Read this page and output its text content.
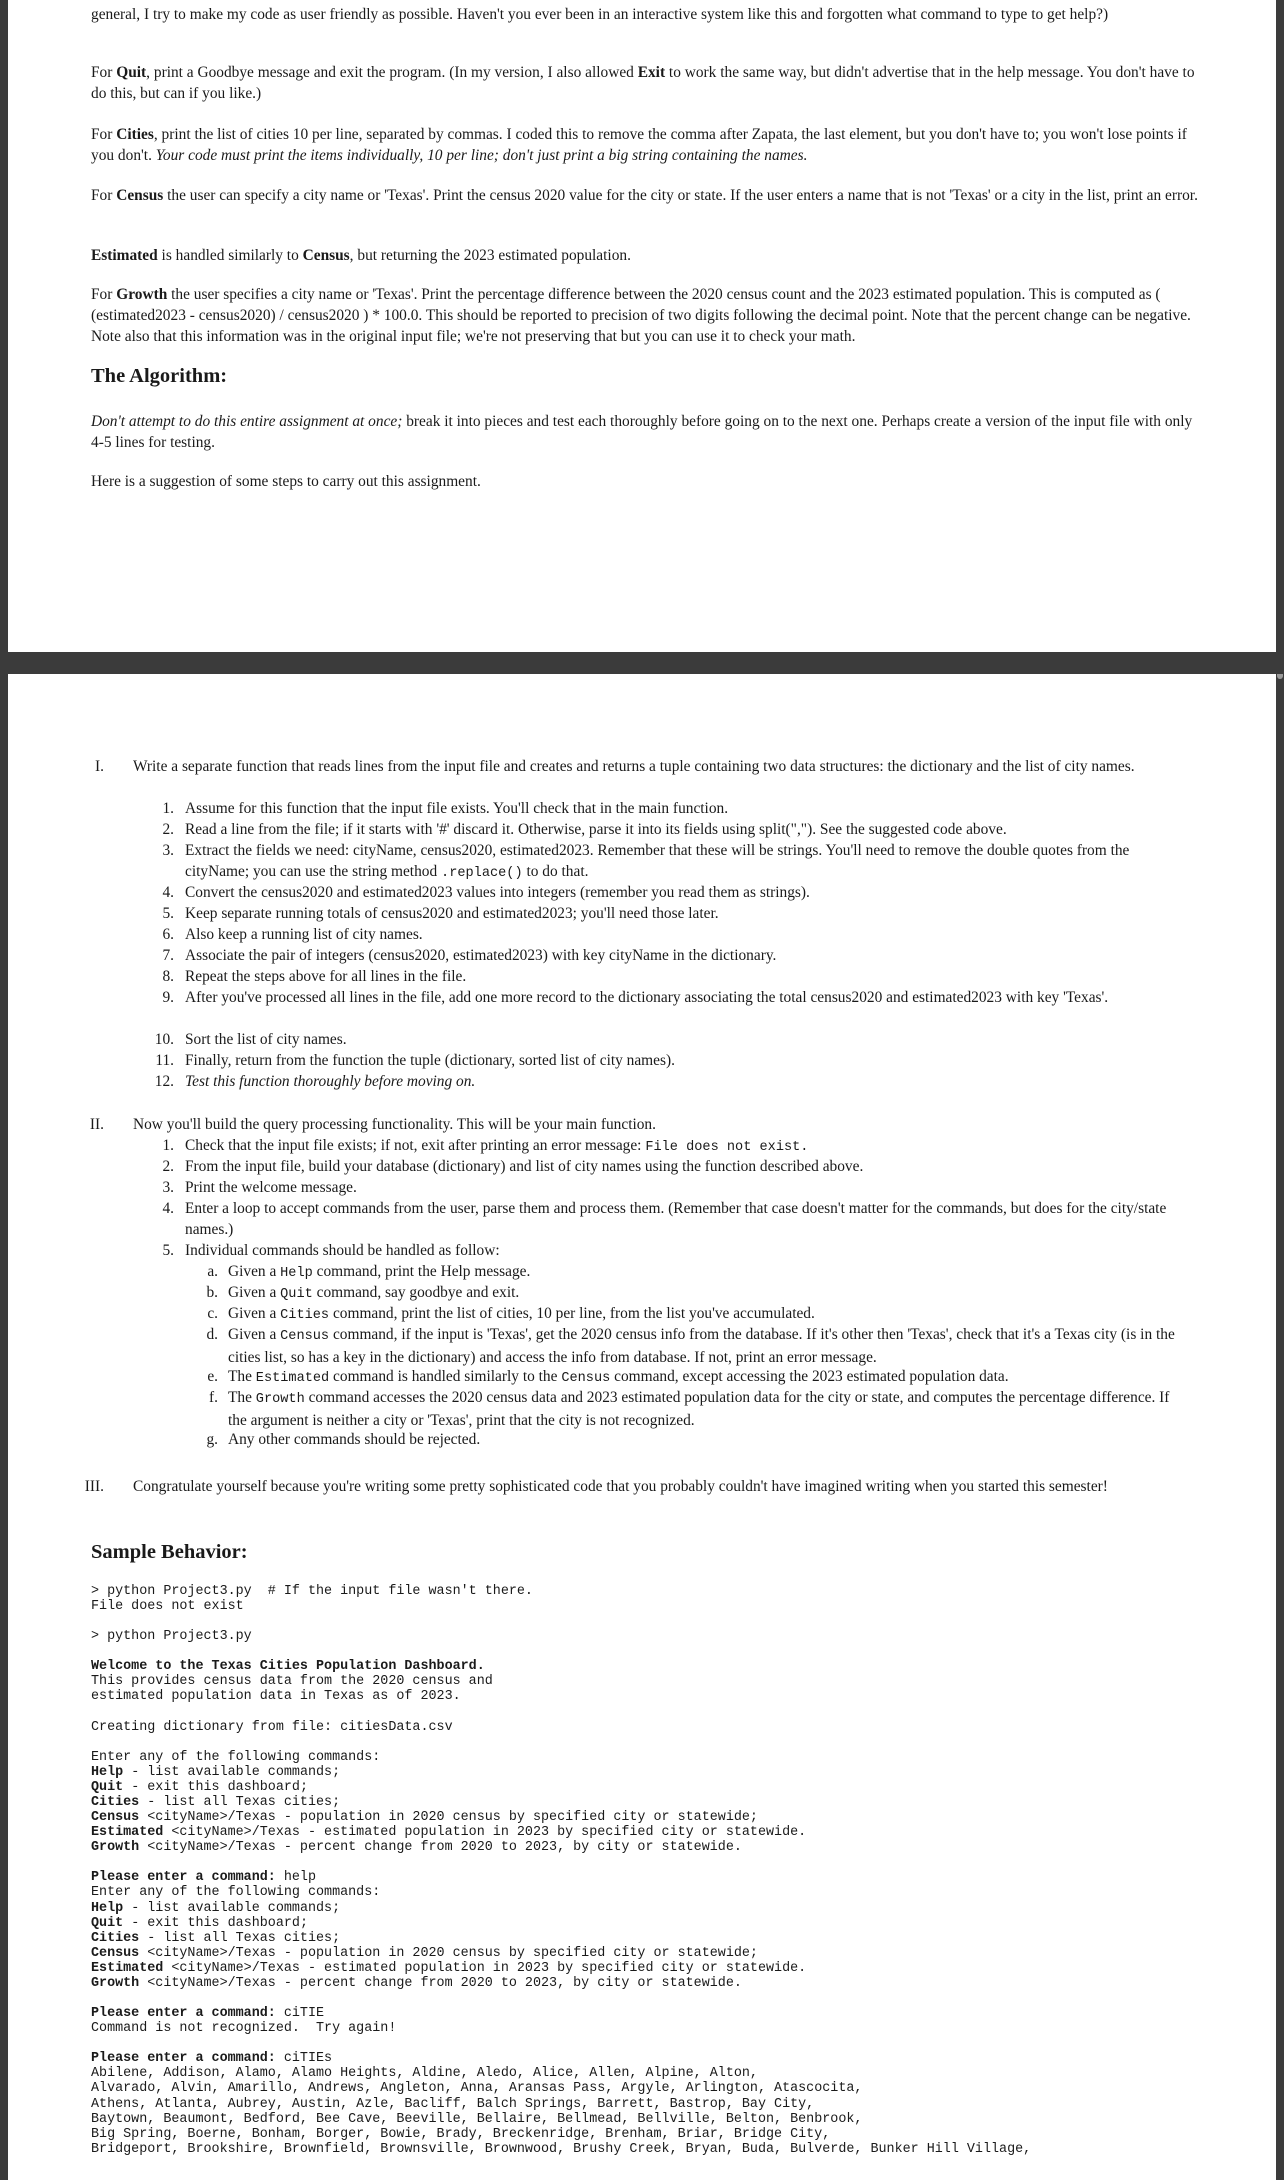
general, I try to make my code as user friendly as possible. Haven't you ever been in an interactive system like this and forgotten what command to type to get help?)

For Quit, print a Goodbye message and exit the program. (In my version, I also allowed Exit to work the same way, but didn't advertise that in the help message. You don't have to do this, but can if you like.)

For Cities, print the list of cities 10 per line, separated by commas. I coded this to remove the comma after Zapata, the last element, but you don't have to; you won't lose points if you don't. Your code must print the items individually, 10 per line; don't just print a big string containing the names.

For Census the user can specify a city name or 'Texas'. Print the census 2020 value for the city or state. If the user enters a name that is not 'Texas' or a city in the list, print an error.

Estimated is handled similarly to Census, but returning the 2023 estimated population.

For Growth the user specifies a city name or 'Texas'. Print the percentage difference between the 2020 census count and the 2023 estimated population. This is computed as ( (estimated2023 - census2020) / census2020 ) * 100.0. This should be reported to precision of two digits following the decimal point. Note that the percent change can be negative. Note also that this information was in the original input file; we're not preserving that but you can use it to check your math.

The Algorithm:

Don't attempt to do this entire assignment at once; break it into pieces and test each thoroughly before going on to the next one. Perhaps create a version of the input file with only 4-5 lines for testing.

Here is a suggestion of some steps to carry out this assignment.

I. Write a separate function that reads lines from the input file and creates and returns a tuple containing two data structures: the dictionary and the list of city names.
1. Assume for this function that the input file exists. You'll check that in the main function.
2. Read a line from the file; if it starts with '#' discard it. Otherwise, parse it into its fields using split(","). See the suggested code above.
3. Extract the fields we need: cityName, census2020, estimated2023. Remember that these will be strings. You'll need to remove the double quotes from the cityName; you can use the string method .replace() to do that.
4. Convert the census2020 and estimated2023 values into integers (remember you read them as strings).
5. Keep separate running totals of census2020 and estimated2023; you'll need those later.
6. Also keep a running list of city names.
7. Associate the pair of integers (census2020, estimated2023) with key cityName in the dictionary.
8. Repeat the steps above for all lines in the file.
9. After you've processed all lines in the file, add one more record to the dictionary associating the total census2020 and estimated2023 with key 'Texas'.
10. Sort the list of city names.
11. Finally, return from the function the tuple (dictionary, sorted list of city names).
12. Test this function thoroughly before moving on.
II. Now you'll build the query processing functionality. This will be your main function.
1. Check that the input file exists; if not, exit after printing an error message: File does not exist.
2. From the input file, build your database (dictionary) and list of city names using the function described above.
3. Print the welcome message.
4. Enter a loop to accept commands from the user, parse them and process them. (Remember that case doesn't matter for the commands, but does for the city/state names.)
5. Individual commands should be handled as follow:
a. Given a Help command, print the Help message.
b. Given a Quit command, say goodbye and exit.
c. Given a Cities command, print the list of cities, 10 per line, from the list you've accumulated.
d. Given a Census command, if the input is 'Texas', get the 2020 census info from the database. If it's other then 'Texas', check that it's a Texas city (is in the cities list, so has a key in the dictionary) and access the info from database. If not, print an error message.
e. The Estimated command is handled similarly to the Census command, except accessing the 2023 estimated population data.
f. The Growth command accesses the 2020 census data and 2023 estimated population data for the city or state, and computes the percentage difference. If the argument is neither a city or 'Texas', print that the city is not recognized.
g. Any other commands should be rejected.
III. Congratulate yourself because you're writing some pretty sophisticated code that you probably couldn't have imagined writing when you started this semester!
Sample Behavior:
> python Project3.py  # If the input file wasn't there.
File does not exist

> python Project3.py

Welcome to the Texas Cities Population Dashboard.
This provides census data from the 2020 census and
estimated population data in Texas as of 2023.

Creating dictionary from file: citiesData.csv

Enter any of the following commands:
Help - list available commands;
Quit - exit this dashboard;
Cities - list all Texas cities;
Census <cityName>/Texas - population in 2020 census by specified city or statewide;
Estimated <cityName>/Texas - estimated population in 2023 by specified city or statewide.
Growth <cityName>/Texas - percent change from 2020 to 2023, by city or statewide.

Please enter a command: help
Enter any of the following commands:
Help - list available commands;
Quit - exit this dashboard;
Cities - list all Texas cities;
Census <cityName>/Texas - population in 2020 census by specified city or statewide;
Estimated <cityName>/Texas - estimated population in 2023 by specified city or statewide.
Growth <cityName>/Texas - percent change from 2020 to 2023, by city or statewide.

Please enter a command: ciTIE
Command is not recognized.  Try again!

Please enter a command: ciTIEs
Abilene, Addison, Alamo, Alamo Heights, Aldine, Aledo, Alice, Allen, Alpine, Alton,
Alvarado, Alvin, Amarillo, Andrews, Angleton, Anna, Aransas Pass, Argyle, Arlington, Atascocita,
Athens, Atlanta, Aubrey, Austin, Azle, Bacliff, Balch Springs, Barrett, Bastrop, Bay City,
Baytown, Beaumont, Bedford, Bee Cave, Beeville, Bellaire, Bellmead, Bellville, Belton, Benbrook,
Big Spring, Boerne, Bonham, Borger, Bowie, Brady, Breckenridge, Brenham, Briar, Bridge City,
Bridgeport, Brookshire, Brownfield, Brownsville, Brownwood, Brushy Creek, Bryan, Buda, Bulverde, Bunker Hill Village,
